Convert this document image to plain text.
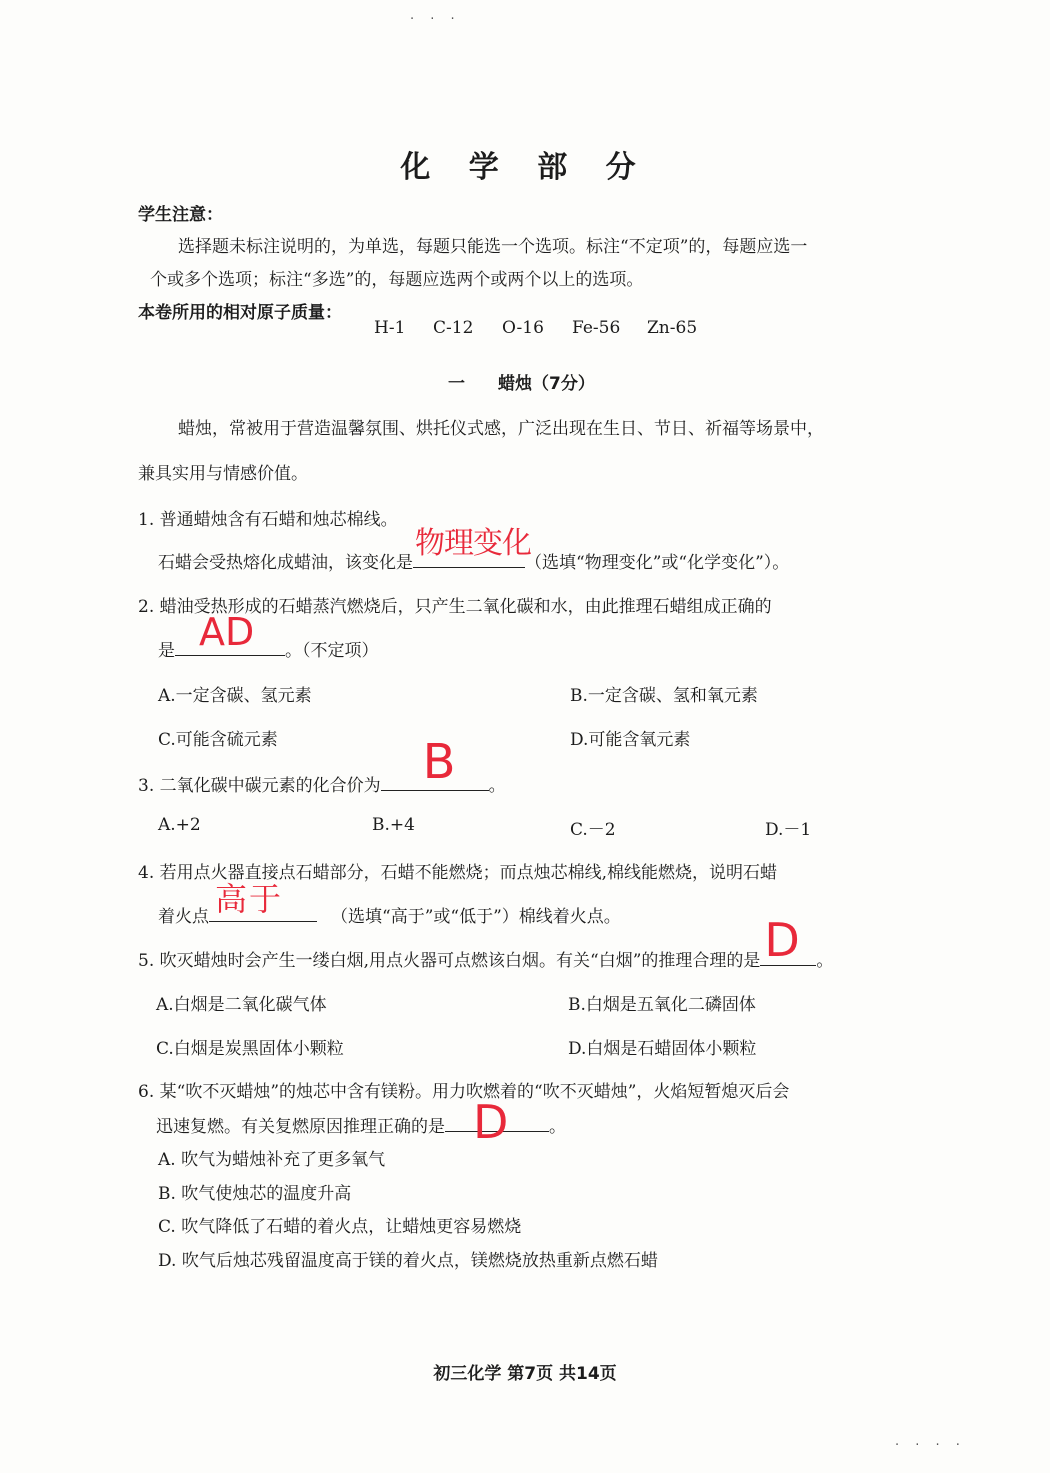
· · ·
· · · ·
化 学 部 分
学生注意：
选择题未标注说明的，为单选，每题只能选一个选项。标注“不定项”的，每题应选一
个或多个选项；标注“多选”的，每题应选两个或两个以上的选项。
本卷所用的相对原子质量：
H-1 C-12 O-16 Fe-56 Zn-65
一 蜡烛（7分）
蜡烛，常被用于营造温馨氛围、烘托仪式感，广泛出现在生日、节日、祈福等场景中，
兼具实用与情感价值。
1. 普通蜡烛含有石蜡和烛芯棉线。
石蜡会受热熔化成蜡油，该变化是
物理变化
（选填“物理变化”或“化学变化”）。
2. 蜡油受热形成的石蜡蒸汽燃烧后，只产生二氧化碳和水，由此推理石蜡组成正确的
是 AD 。（不定项）
A.一定含碳、氢元素	B.一定含碳、氢和氧元素
C.可能含硫元素	D.可能含氧元素
3. 二氧化碳中碳元素的化合价为 B 。
A.+2	B.+4	C.－2	D.－1
4. 若用点火器直接点石蜡部分，石蜡不能燃烧；而点烛芯棉线,棉线能燃烧，说明石蜡
着火点 高于	（选填“高于”或“低于”）棉线着火点。
5. 吹灭蜡烛时会产生一缕白烟,用点火器可点燃该白烟。有关“白烟”的推理合理的是 D 。
A.白烟是二氧化碳气体	B.白烟是五氧化二磷固体
C.白烟是炭黑固体小颗粒	D.白烟是石蜡固体小颗粒
6. 某“吹不灭蜡烛”的烛芯中含有镁粉。用力吹燃着的“吹不灭蜡烛”，火焰短暂熄灭后会
迅速复燃。有关复燃原因推理正确的是 D 。
A. 吹气为蜡烛补充了更多氧气
B. 吹气使烛芯的温度升高
C. 吹气降低了石蜡的着火点，让蜡烛更容易燃烧
D. 吹气后烛芯残留温度高于镁的着火点，镁燃烧放热重新点燃石蜡
初三化学 第7页 共14页
